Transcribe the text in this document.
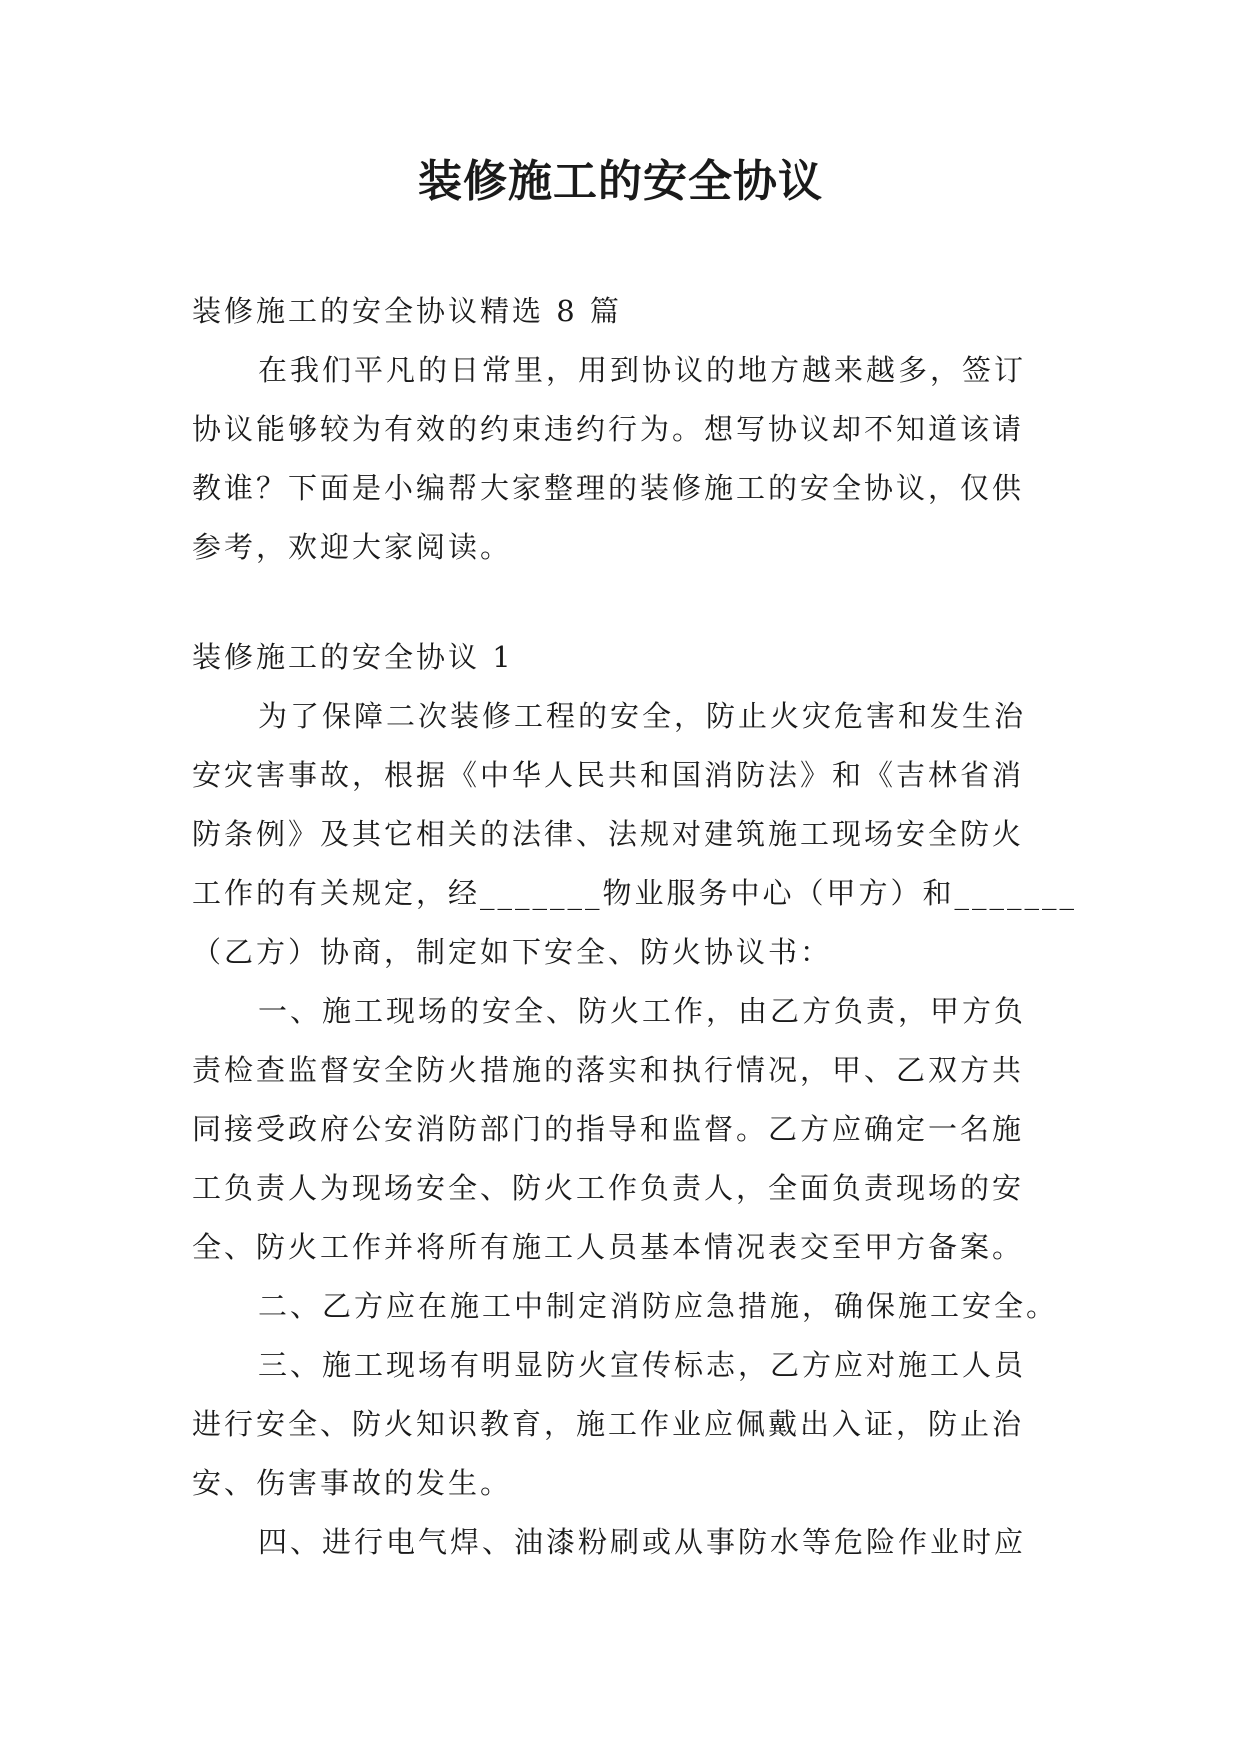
装修施工的安全协议
装修施工的安全协议精选 8 篇
在我们平凡的日常里，用到协议的地方越来越多，签订
协议能够较为有效的约束违约行为。想写协议却不知道该请
教谁？下面是小编帮大家整理的装修施工的安全协议，仅供
参考，欢迎大家阅读。
装修施工的安全协议 1
为了保障二次装修工程的安全，防止火灾危害和发生治
安灾害事故，根据《中华人民共和国消防法》和《吉林省消
防条例》及其它相关的法律、法规对建筑施工现场安全防火
工作的有关规定，经_______物业服务中心（甲方）和_______
（乙方）协商，制定如下安全、防火协议书：
一、施工现场的安全、防火工作，由乙方负责，甲方负
责检查监督安全防火措施的落实和执行情况，甲、乙双方共
同接受政府公安消防部门的指导和监督。乙方应确定一名施
工负责人为现场安全、防火工作负责人，全面负责现场的安
全、防火工作并将所有施工人员基本情况表交至甲方备案。
二、乙方应在施工中制定消防应急措施，确保施工安全。
三、施工现场有明显防火宣传标志，乙方应对施工人员
进行安全、防火知识教育，施工作业应佩戴出入证，防止治
安、伤害事故的发生。
四、进行电气焊、油漆粉刷或从事防水等危险作业时应
